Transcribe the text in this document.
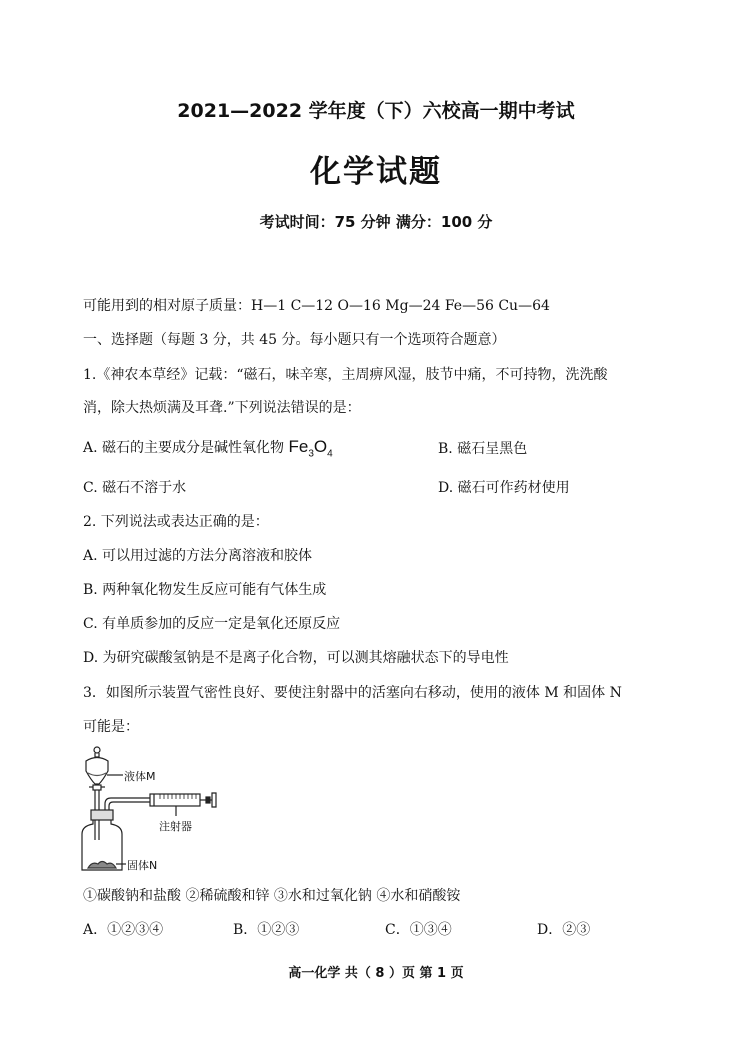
2021—2022 学年度（下）六校高一期中考试
化学试题
考试时间：75 分钟 满分：100 分
可能用到的相对原子质量：H—1 C—12 O—16 Mg—24 Fe—56 Cu—64
一、选择题（每题 3 分，共 45 分。每小题只有一个选项符合题意）
1.《神农本草经》记载：“磁石，味辛寒，主周痹风湿，肢节中痛，不可持物，洗洗酸
消，除大热烦满及耳聋.”下列说法错误的是：
A. 磁石的主要成分是碱性氧化物 $Fe_3O_4$	B. 磁石呈黑色
C. 磁石不溶于水	D. 磁石可作药材使用
2. 下列说法或表达正确的是：
A. 可以用过滤的方法分离溶液和胶体
B. 两种氧化物发生反应可能有气体生成
C. 有单质参加的反应一定是氧化还原反应
D. 为研究碳酸氢钠是不是离子化合物，可以测其熔融状态下的导电性
3．如图所示装置气密性良好、要使注射器中的活塞向右移动，使用的液体 M 和固体 N
可能是：
液体M
注射器
固体N
①碳酸钠和盐酸 ②稀硫酸和锌 ③水和过氧化钠 ④水和硝酸铵
A．①②③④	B．①②③	C．①③④	D．②③
高一化学 共（ 8 ）页 第 1 页
